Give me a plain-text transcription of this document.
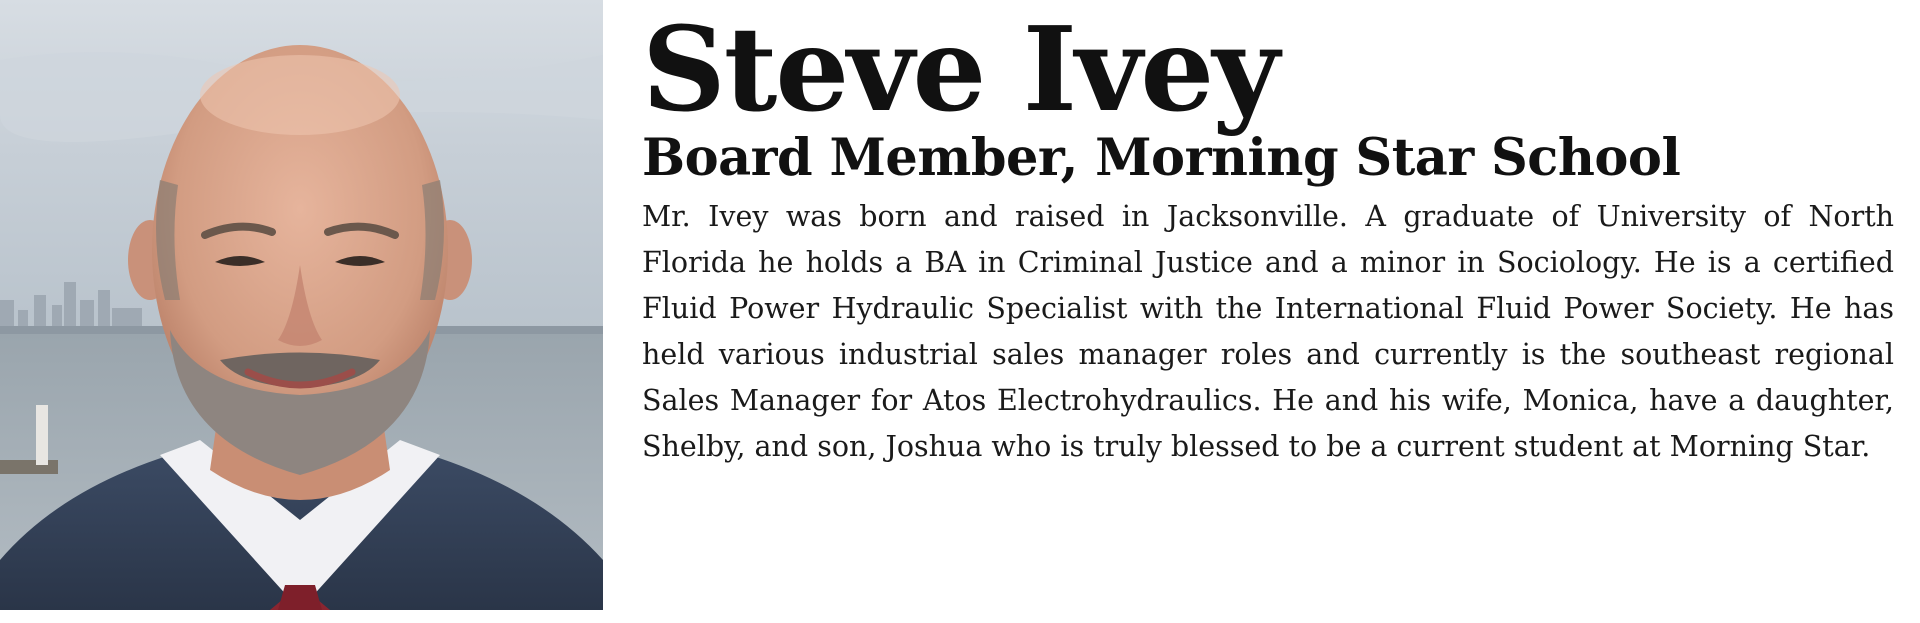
Steve Ivey
Board Member, Morning Star School

Mr. Ivey was born and raised in Jacksonville. A graduate of University of North Florida he holds a BA in Criminal Justice and a minor in Sociology. He is a certified Fluid Power Hydraulic Specialist with the International Fluid Power Society. He has held various industrial sales manager roles and currently is the southeast regional Sales Manager for Atos Electrohydraulics. He and his wife, Monica, have a daughter, Shelby, and son, Joshua who is truly blessed to be a current student at Morning Star.
